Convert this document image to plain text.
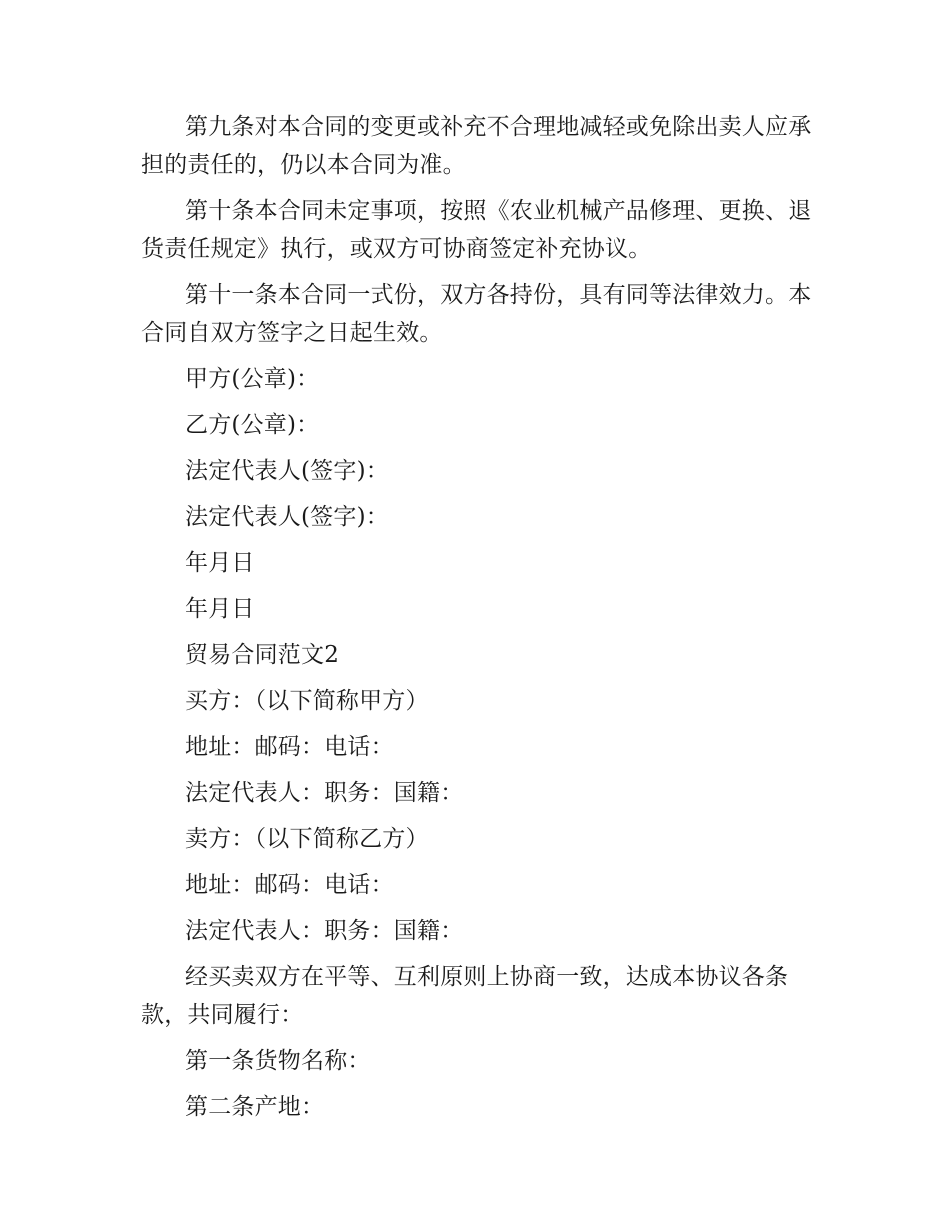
第九条对本合同的变更或补充不合理地减轻或免除出卖人应承担的责任的，仍以本合同为准。

第十条本合同未定事项，按照《农业机械产品修理、更换、退货责任规定》执行，或双方可协商签定补充协议。

第十一条本合同一式份，双方各持份，具有同等法律效力。本合同自双方签字之日起生效。

甲方(公章)：

乙方(公章)：

法定代表人(签字)：

法定代表人(签字)：

年月日

年月日

贸易合同范文2

买方：（以下简称甲方）

地址：邮码：电话：

法定代表人：职务：国籍：

卖方：（以下简称乙方）

地址：邮码：电话：

法定代表人：职务：国籍：

经买卖双方在平等、互利原则上协商一致，达成本协议各条款，共同履行：

第一条货物名称：

第二条产地：
